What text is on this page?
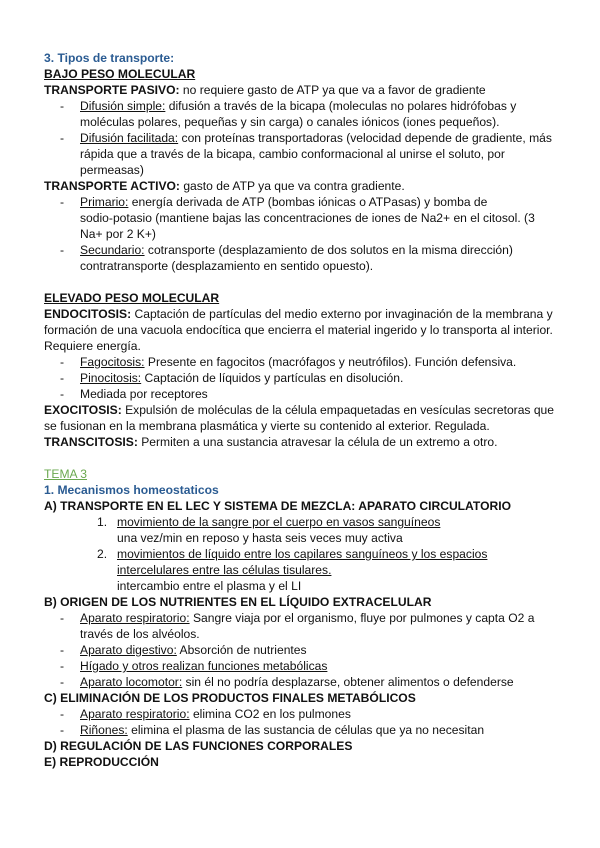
3. Tipos de transporte:
BAJO PESO MOLECULAR
TRANSPORTE PASIVO: no requiere gasto de ATP ya que va a favor de gradiente
- Difusión simple: difusión a través de la bicapa (moleculas no polares hidrófobas y
moléculas polares, pequeñas y sin carga) o canales iónicos (iones pequeños).
- Difusión facilitada: con proteínas transportadoras (velocidad depende de gradiente, más
rápida que a través de la bicapa, cambio conformacional al unirse el soluto, por
permeasas)
TRANSPORTE ACTIVO: gasto de ATP ya que va contra gradiente.
- Primario: energía derivada de ATP (bombas iónicas o ATPasas) y bomba de
sodio-potasio (mantiene bajas las concentraciones de iones de Na2+ en el citosol. (3
Na+ por 2 K+)
- Secundario: cotransporte (desplazamiento de dos solutos en la misma dirección)
contratransporte (desplazamiento en sentido opuesto).
ELEVADO PESO MOLECULAR
ENDOCITOSIS: Captación de partículas del medio externo por invaginación de la membrana y
formación de una vacuola endocítica que encierra el material ingerido y lo transporta al interior.
Requiere energía.
- Fagocitosis: Presente en fagocitos (macrófagos y neutrófilos). Función defensiva.
- Pinocitosis: Captación de líquidos y partículas en disolución.
- Mediada por receptores
EXOCITOSIS: Expulsión de moléculas de la célula empaquetadas en vesículas secretoras que
se fusionan en la membrana plasmática y vierte su contenido al exterior. Regulada.
TRANSCITOSIS: Permiten a una sustancia atravesar la célula de un extremo a otro.
TEMA 3
1. Mecanismos homeostaticos
A) TRANSPORTE EN EL LEC Y SISTEMA DE MEZCLA: APARATO CIRCULATORIO
1. movimiento de la sangre por el cuerpo en vasos sanguíneos
una vez/min en reposo y hasta seis veces muy activa
2. movimientos de líquido entre los capilares sanguíneos y los espacios
intercelulares entre las células tisulares.
intercambio entre el plasma y el LI
B) ORIGEN DE LOS NUTRIENTES EN EL LÍQUIDO EXTRACELULAR
- Aparato respiratorio: Sangre viaja por el organismo, fluye por pulmones y capta O2 a
través de los alvéolos.
- Aparato digestivo: Absorción de nutrientes
- Hígado y otros realizan funciones metabólicas
- Aparato locomotor: sin él no podría desplazarse, obtener alimentos o defenderse
C) ELIMINACIÓN DE LOS PRODUCTOS FINALES METABÓLICOS
- Aparato respiratorio: elimina CO2 en los pulmones
- Riñones: elimina el plasma de las sustancia de células que ya no necesitan
D) REGULACIÓN DE LAS FUNCIONES CORPORALES
E) REPRODUCCIÓN
